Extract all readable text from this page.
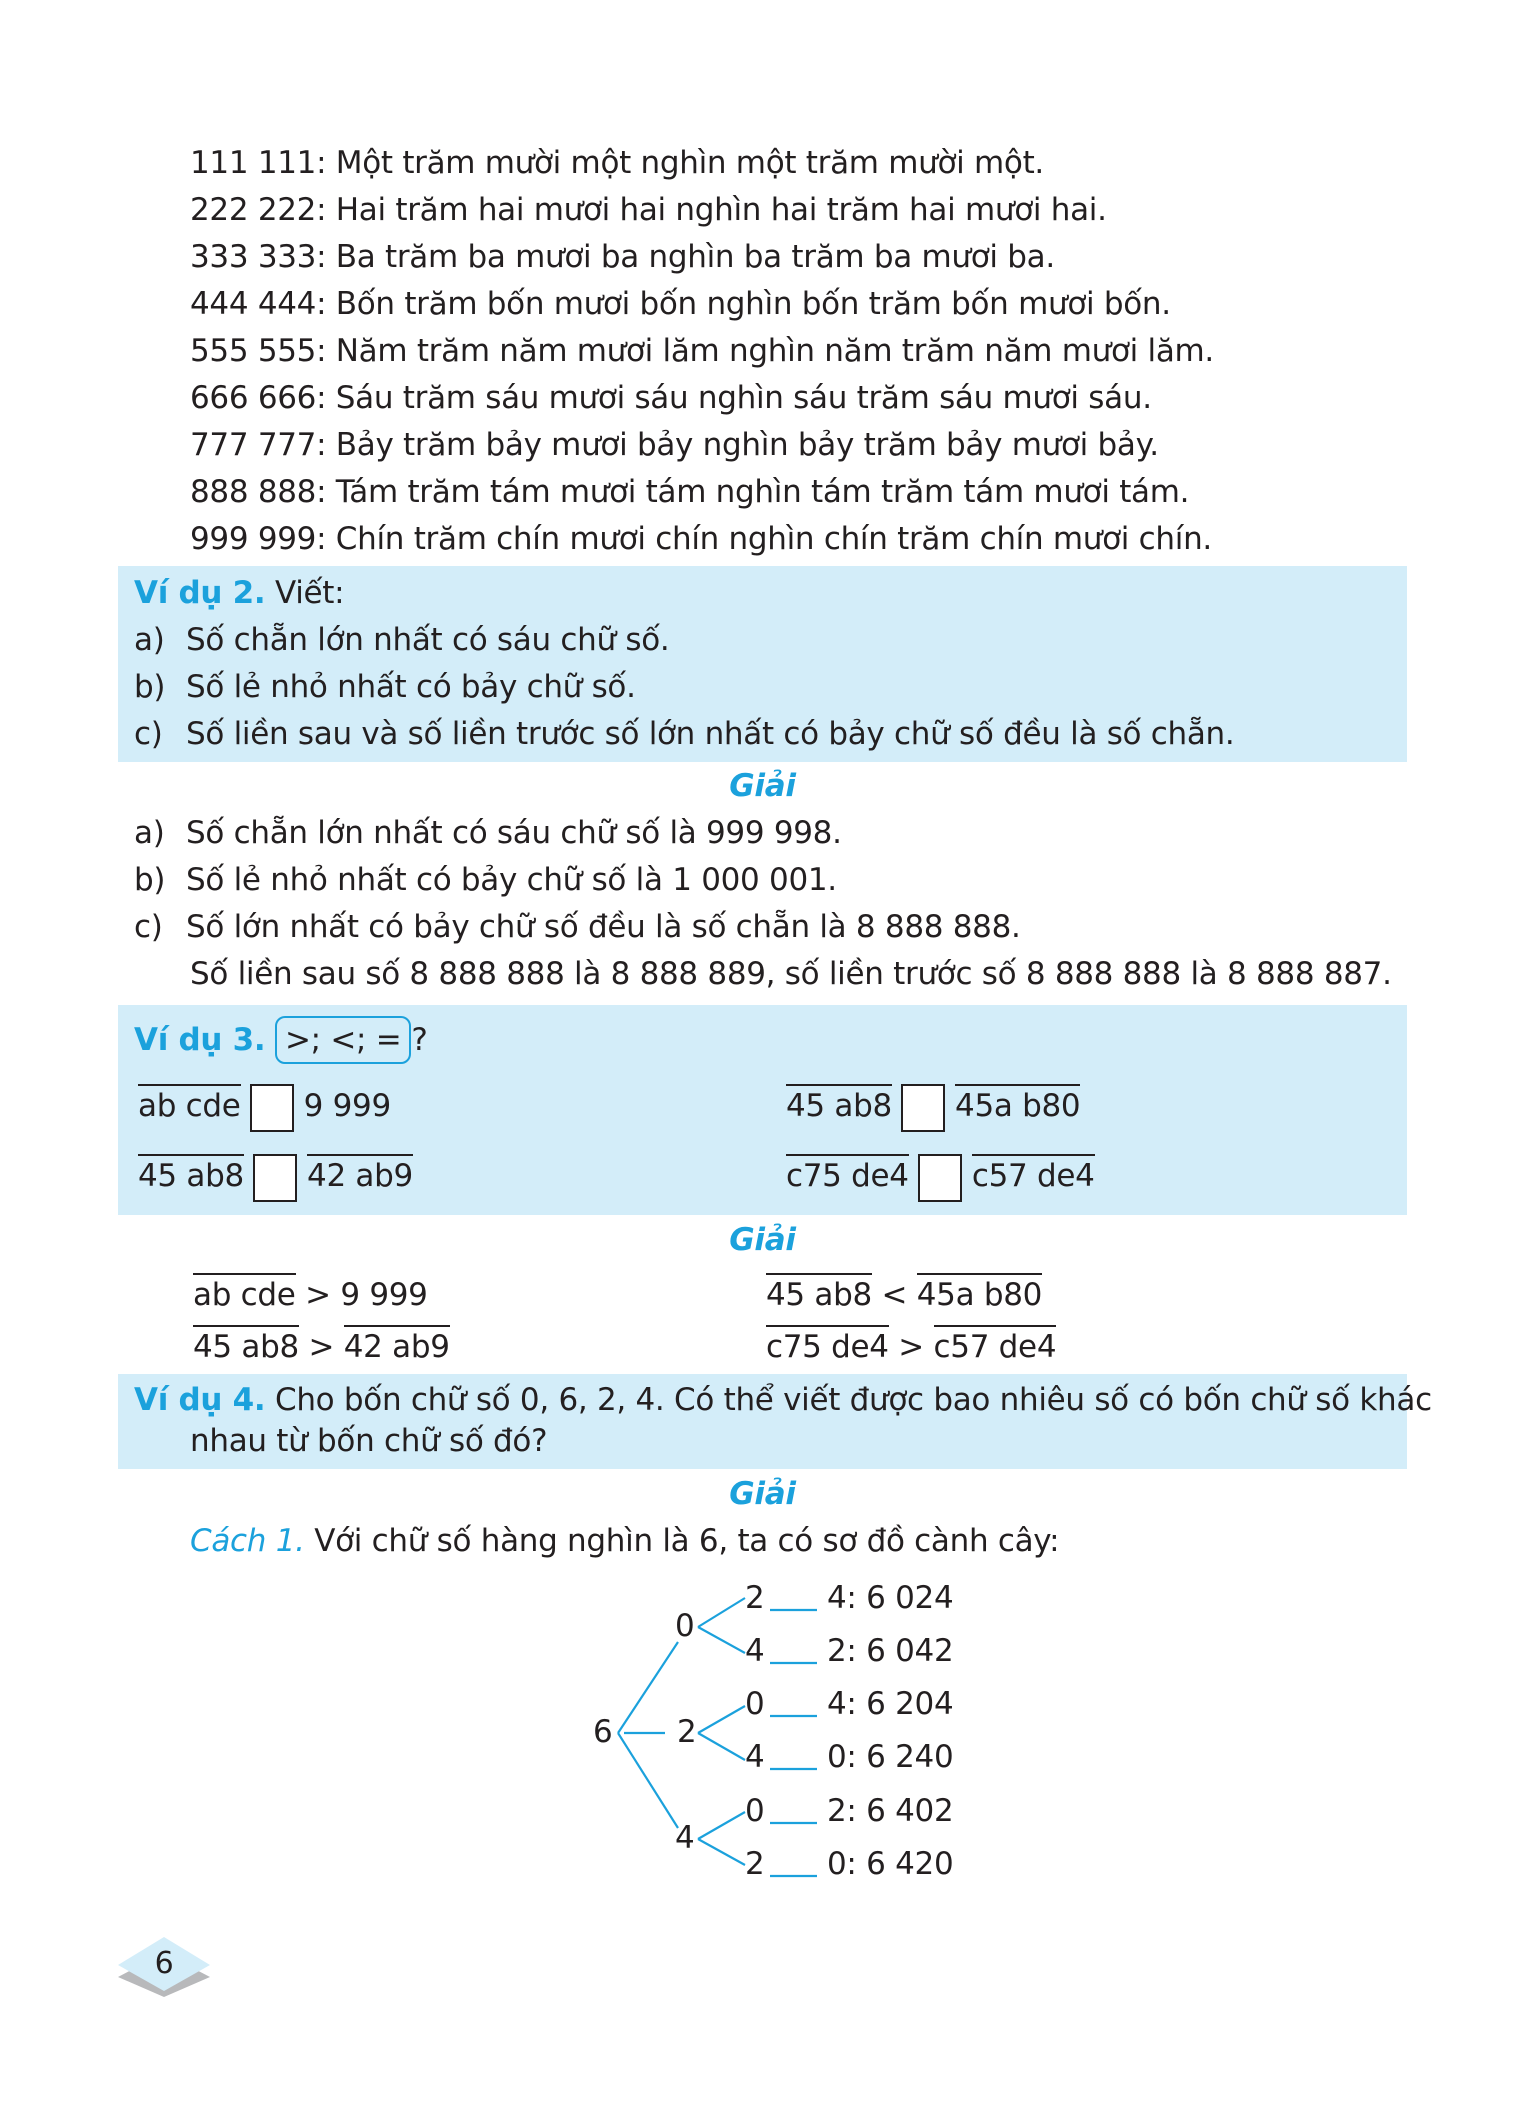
111 111: Một trăm mười một nghìn một trăm mười một.
222 222: Hai trăm hai mươi hai nghìn hai trăm hai mươi hai.
333 333: Ba trăm ba mươi ba nghìn ba trăm ba mươi ba.
444 444: Bốn trăm bốn mươi bốn nghìn bốn trăm bốn mươi bốn.
555 555: Năm trăm năm mươi lăm nghìn năm trăm năm mươi lăm.
666 666: Sáu trăm sáu mươi sáu nghìn sáu trăm sáu mươi sáu.
777 777: Bảy trăm bảy mươi bảy nghìn bảy trăm bảy mươi bảy.
888 888: Tám trăm tám mươi tám nghìn tám trăm tám mươi tám.
999 999: Chín trăm chín mươi chín nghìn chín trăm chín mươi chín.
Ví dụ 2. Viết:
a) Số chẵn lớn nhất có sáu chữ số.
b) Số lẻ nhỏ nhất có bảy chữ số.
c) Số liền sau và số liền trước số lớn nhất có bảy chữ số đều là số chẵn.
Giải
a) Số chẵn lớn nhất có sáu chữ số là 999 998.
b) Số lẻ nhỏ nhất có bảy chữ số là 1 000 001.
c) Số lớn nhất có bảy chữ số đều là số chẵn là 8 888 888.
Số liền sau số 8 888 888 là 8 888 889, số liền trước số 8 888 888 là 8 888 887.
Ví dụ 3. >; <; = ?
ab cde 9 999	45 ab8 45a b80
45 ab8 42 ab9	c75 de4 c57 de4
Giải
ab cde > 9 999
45 ab8 > 42 ab9
45 ab8 < 45a b80
c75 de4 > c57 de4
Ví dụ 4. Cho bốn chữ số 0, 6, 2, 4. Có thể viết được bao nhiêu số có bốn chữ số khác
nhau từ bốn chữ số đó?
Giải
Cách 1. Với chữ số hàng nghìn là 6, ta có sơ đồ cành cây:
6
0
2
4
2
4
0
4
0
2
4: 6 024
2: 6 042
4: 6 204
0: 6 240
2: 6 402
0: 6 420
6
